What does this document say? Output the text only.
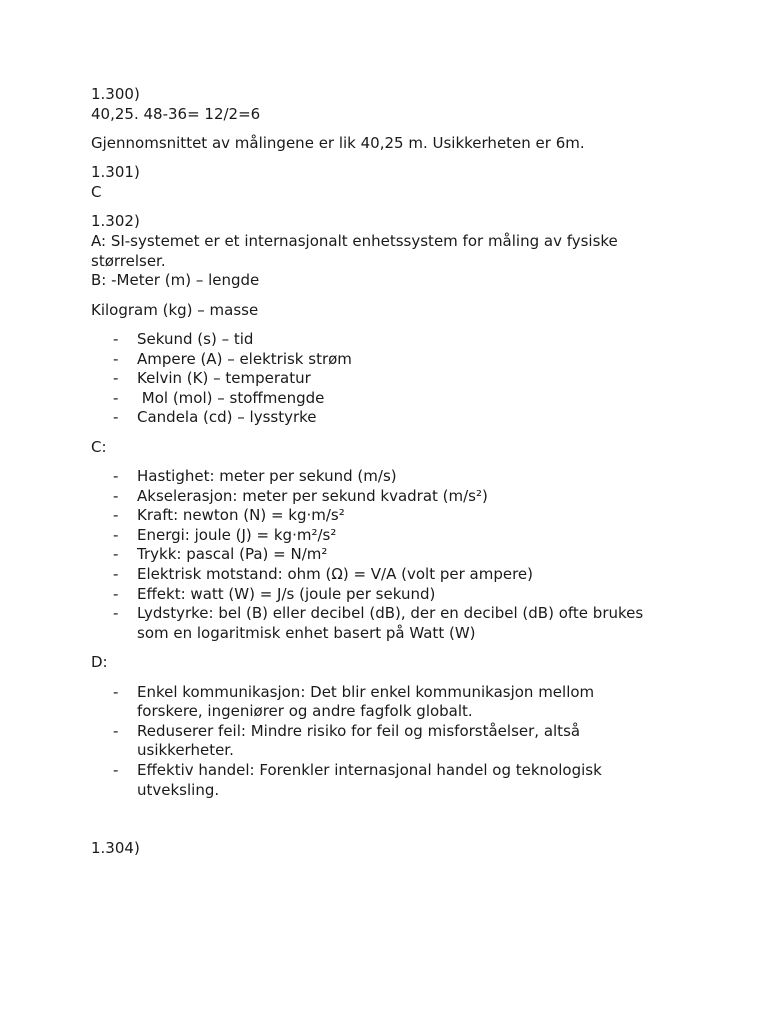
1.300)
40,25. 48-36= 12/2=6
Gjennomsnittet av målingene er lik 40,25 m. Usikkerheten er 6m.
1.301)
C
1.302)
A: SI-systemet er et internasjonalt enhetssystem for måling av fysiske
størrelser.
B: -Meter (m) – lengde
Kilogram (kg) – masse
- Sekund (s) – tid
- Ampere (A) – elektrisk strøm
- Kelvin (K) – temperatur
- Mol (mol) – stoffmengde
- Candela (cd) – lysstyrke
C:
- Hastighet: meter per sekund (m/s)
- Akselerasjon: meter per sekund kvadrat (m/s²)
- Kraft: newton (N) = kg·m/s²
- Energi: joule (J) = kg·m²/s²
- Trykk: pascal (Pa) = N/m²
- Elektrisk motstand: ohm (Ω) = V/A (volt per ampere)
- Effekt: watt (W) = J/s (joule per sekund)
- Lydstyrke: bel (B) eller decibel (dB), der en decibel (dB) ofte brukes som en logaritmisk enhet basert på Watt (W)
D:
- Enkel kommunikasjon: Det blir enkel kommunikasjon mellom forskere, ingeniører og andre fagfolk globalt.
- Reduserer feil: Mindre risiko for feil og misforståelser, altså usikkerheter.
- Effektiv handel: Forenkler internasjonal handel og teknologisk utveksling.
1.304)
